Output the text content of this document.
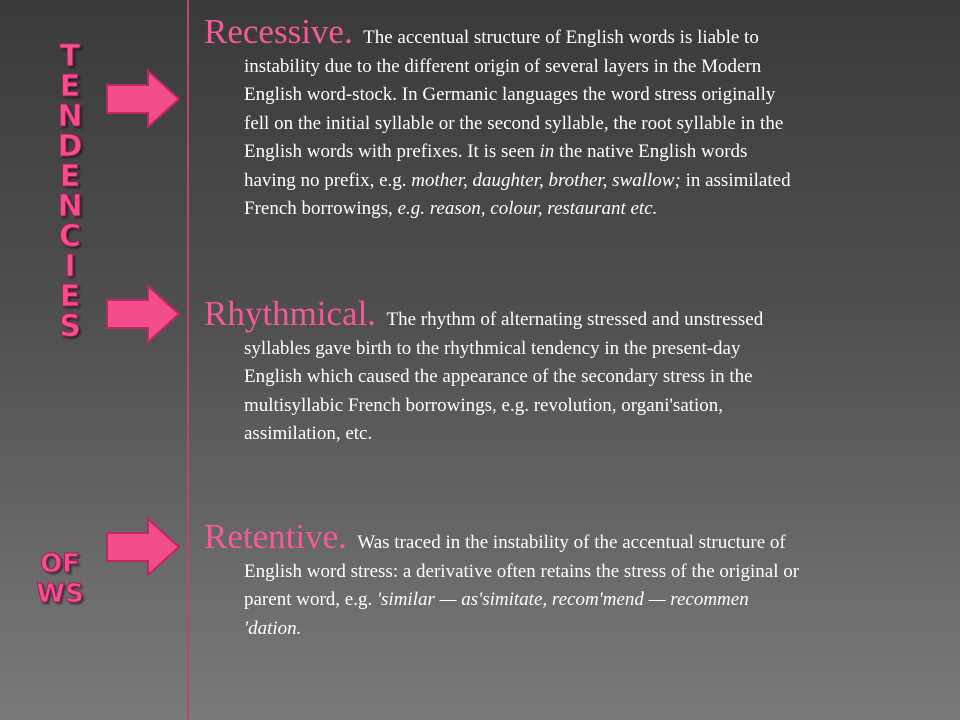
T
E
N
D
E
N
C
I
E
S
OF
WS
Recessive. The accentual structure of English words is liable to
instability due to the different origin of several layers in the Modern
English word-stock. In Germanic languages the word stress originally
fell on the initial syllable or the second syllable, the root syllable in the
English words with prefixes. It is seen in the native English words
having no prefix, e.g. mother, daughter, brother, swallow; in assimilated
French borrowings, e.g. reason, colour, restaurant etc.
Rhythmical. The rhythm of alternating stressed and unstressed
syllables gave birth to the rhythmical tendency in the present-day
English which caused the appearance of the secondary stress in the
multisyllabic French borrowings, e.g. revolution, organi'sation,
assimilation, etc.
Retentive. Was traced in the instability of the accentual structure of
English word stress: a derivative often retains the stress of the original or
parent word, e.g. 'similar — as'simitate, recom'mend — recommen
'dation.
